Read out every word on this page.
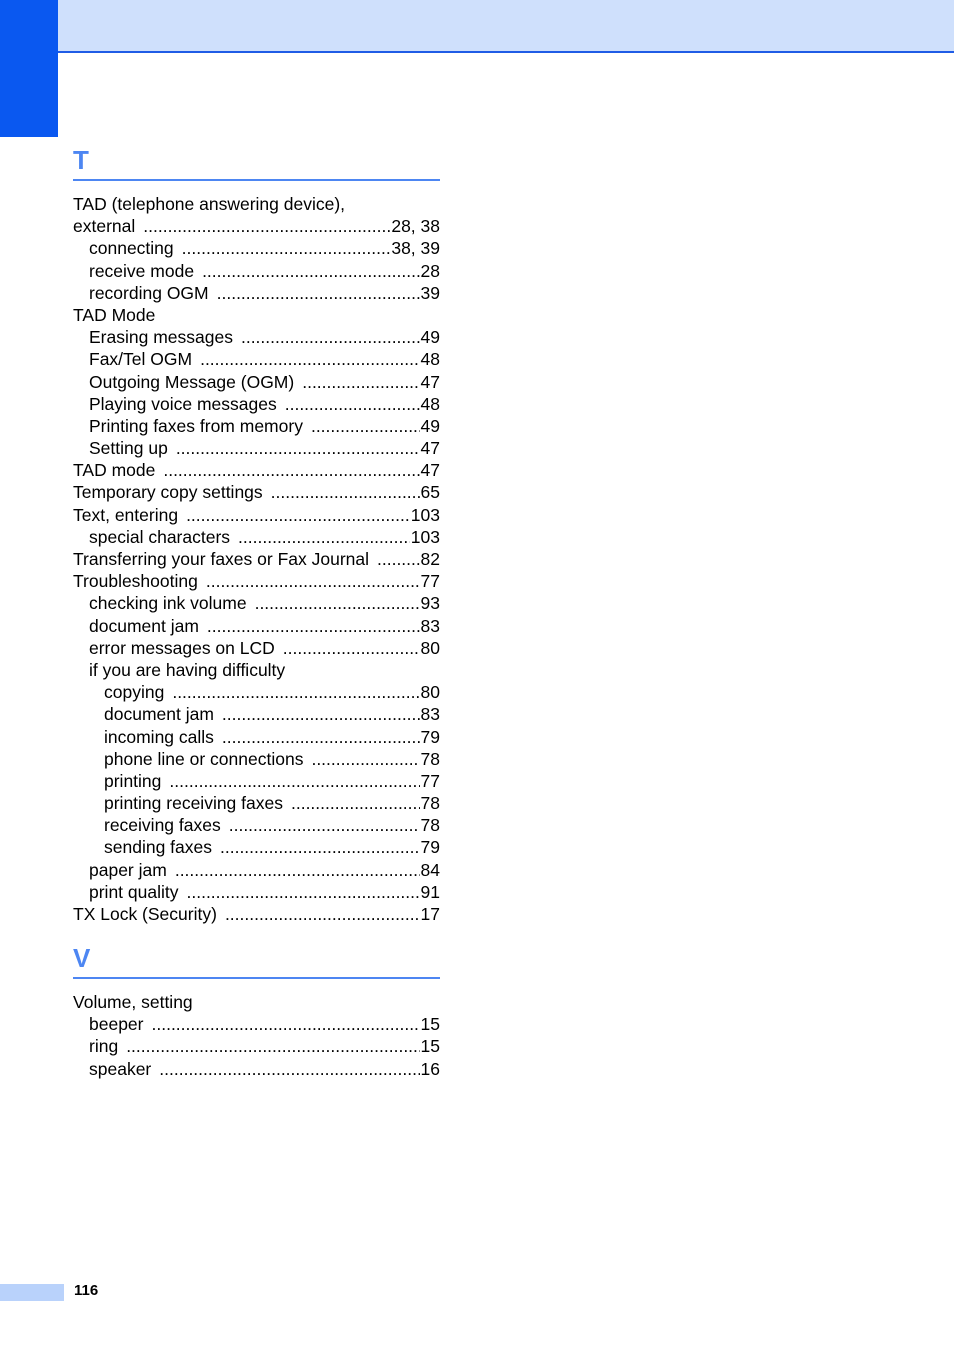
T
TAD (telephone answering device),
external .....	28, 38
connecting .....	38, 39
receive mode .....	28
recording OGM .....	39
TAD Mode
Erasing messages .....	49
Fax/Tel OGM .....	48
Outgoing Message (OGM) .....	47
Playing voice messages .....	48
Printing faxes from memory .....	49
Setting up .....	47
TAD mode .....	47
Temporary copy settings .....	65
Text, entering .....	103
special characters .....	103
Transferring your faxes or Fax Journal .....	82
Troubleshooting .....	77
checking ink volume .....	93
document jam .....	83
error messages on LCD .....	80
if you are having difficulty
copying .....	80
document jam .....	83
incoming calls .....	79
phone line or connections .....	78
printing .....	77
printing receiving faxes .....	78
receiving faxes .....	78
sending faxes .....	79
paper jam .....	84
print quality .....	91
TX Lock (Security) .....	17
V
Volume, setting
beeper .....	15
ring .....	15
speaker .....	16
116
